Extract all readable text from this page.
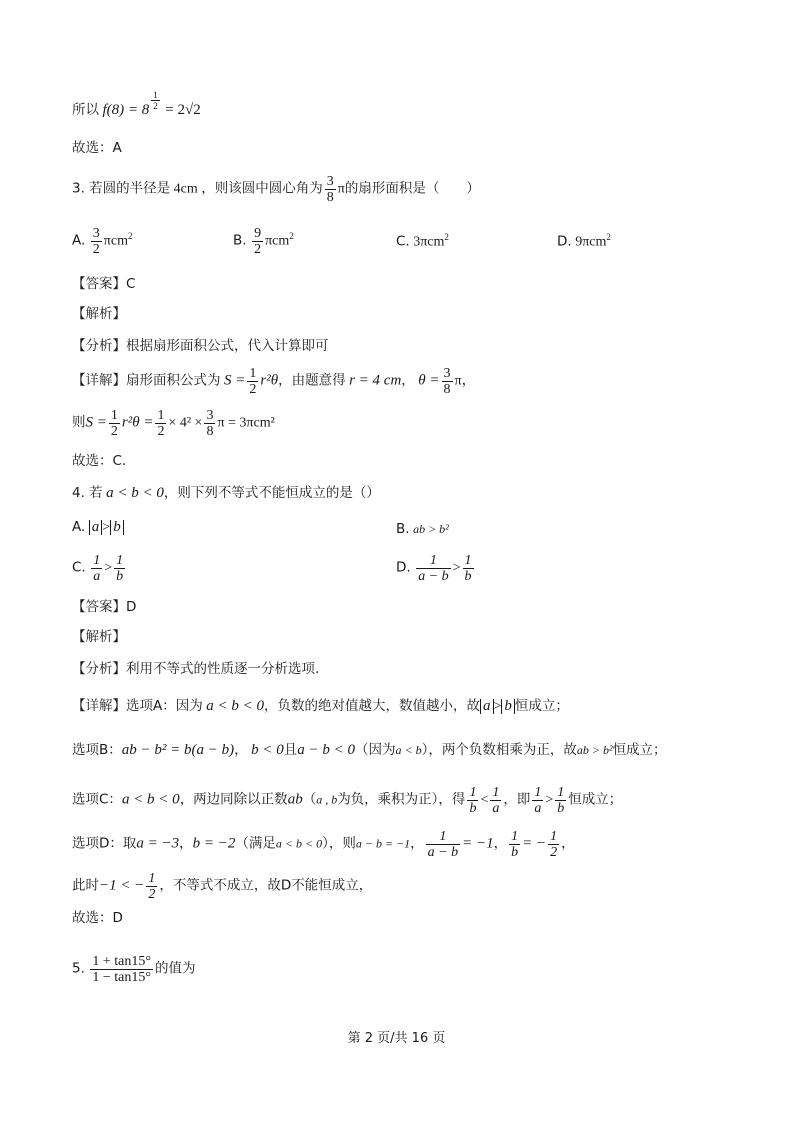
所以 f(8) = 8 $^{\frac{1}{2}}$ = 2√2
故选：A
3. 若圆的半径是 4cm ，则该圆中圆心角为 $\frac{3}{8}$ π的扇形面积是（　　）
A. $\frac{3}{2} \pi cm^2$	B. $\frac{9}{2} \pi cm^2$	C. 3πcm$^2$	D. 9πcm$^2$
【答案】C
【解析】
【分析】根据扇形面积公式，代入计算即可
【详解】扇形面积公式为 $S = \frac{1}{2} r^2\theta$，由题意得 r = 4 cm， $\theta = \frac{3}{8}$ π，
则$S = \frac{1}{2} r^2\theta = \frac{1}{2} \times 4^2 \times \frac{3}{8}$ π = 3πcm²
故选：C.
4. 若 a < b < 0，则下列不等式不能恒成立的是（）
A. a > b	B. ab > b²
C. $\frac{1}{a} > \frac{1}{b}$	D. $\frac{1}{a - b} > \frac{1}{b}$
【答案】D
【解析】
【分析】利用不等式的性质逐一分析选项.
【详解】选项A：因为 a < b < 0，负数的绝对值越大，数值越小，故 a > b 恒成立；
选项B：ab − b² = b(a − b)， b < 0且a − b < 0（因为a < b），两个负数相乘为正，故ab > b²恒成立；
选项C：a < b < 0，两边同除以正数ab（a , b为负，乘积为正），得 $\frac{1}{b} < \frac{1}{a}$ ，即 $\frac{1}{a} > \frac{1}{b}$ 恒成立；
选项D：取a = −3，b = −2（满足a < b < 0），则a − b = −1， $\frac{1}{a - b} = -1$， $\frac{1}{b}$ = − $\frac{1}{2}$ ，
此时−1 < − $\frac{1}{2}$ ，不等式不成立，故D不能恒成立，
故选：D
5. $\frac{1 + \tan 15^\circ}{1 - \tan 15^\circ}$ 的值为
第 2 页/共 16 页
